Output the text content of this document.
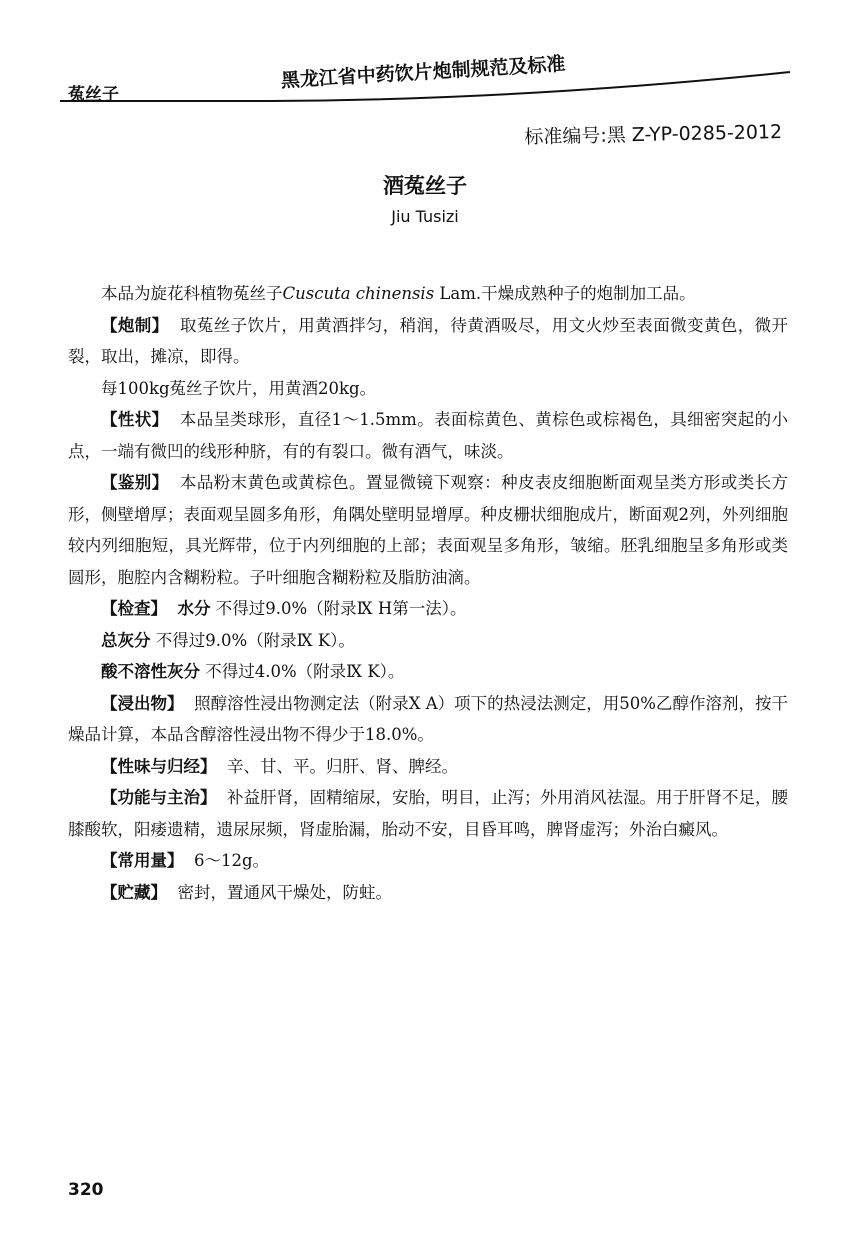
菟丝子
黑龙江省中药饮片炮制规范及标准
标准编号:黑 Z-YP-0285-2012
酒菟丝子
Jiu Tusizi

本品为旋花科植物菟丝子Cuscuta chinensis Lam.干燥成熟种子的炮制加工品。

【炮制】 取菟丝子饮片，用黄酒拌匀，稍润，待黄酒吸尽，用文火炒至表面微变黄色，微开裂，取出，摊凉，即得。

每100kg菟丝子饮片，用黄酒20kg。

【性状】 本品呈类球形，直径1～1.5mm。表面棕黄色、黄棕色或棕褐色，具细密突起的小点，一端有微凹的线形种脐，有的有裂口。微有酒气，味淡。

【鉴别】 本品粉末黄色或黄棕色。置显微镜下观察：种皮表皮细胞断面观呈类方形或类长方形，侧壁增厚；表面观呈圆多角形，角隅处壁明显增厚。种皮栅状细胞成片，断面观2列，外列细胞较内列细胞短，具光辉带，位于内列细胞的上部；表面观呈多角形，皱缩。胚乳细胞呈多角形或类圆形，胞腔内含糊粉粒。子叶细胞含糊粉粒及脂肪油滴。

【检查】 水分 不得过9.0%（附录Ⅸ H第一法）。

总灰分 不得过9.0%（附录Ⅸ K）。

酸不溶性灰分 不得过4.0%（附录Ⅸ K）。

【浸出物】 照醇溶性浸出物测定法（附录Ⅹ A）项下的热浸法测定，用50%乙醇作溶剂，按干燥品计算，本品含醇溶性浸出物不得少于18.0%。

【性味与归经】 辛、甘、平。归肝、肾、脾经。

【功能与主治】 补益肝肾，固精缩尿，安胎，明目，止泻；外用消风祛湿。用于肝肾不足，腰膝酸软，阳痿遗精，遗尿尿频，肾虚胎漏，胎动不安，目昏耳鸣，脾肾虚泻；外治白癜风。

【常用量】 6～12g。

【贮藏】 密封，置通风干燥处，防蛀。

320
